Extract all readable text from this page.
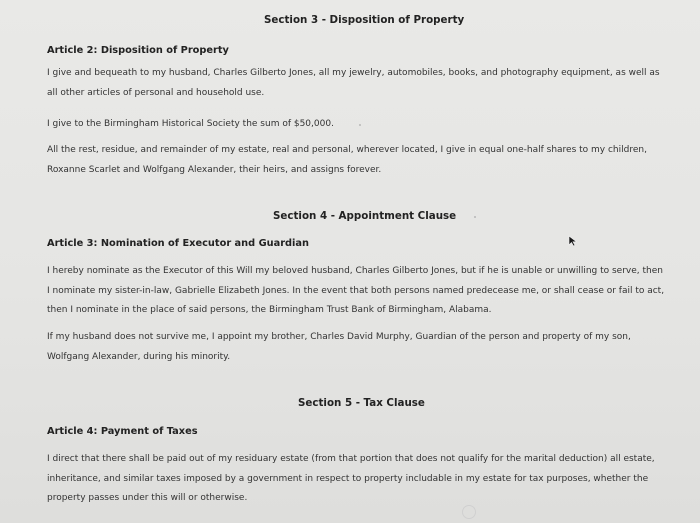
Section 3 - Disposition of Property
Article 2: Disposition of Property
I give and bequeath to my husband, Charles Gilberto Jones, all my jewelry, automobiles, books, and photography equipment, as well as all other articles of personal and household use.
I give to the Birmingham Historical Society the sum of $50,000.
All the rest, residue, and remainder of my estate, real and personal, wherever located, I give in equal one-half shares to my children, Roxanne Scarlet and Wolfgang Alexander, their heirs, and assigns forever.
Section 4 - Appointment Clause
Article 3: Nomination of Executor and Guardian
I hereby nominate as the Executor of this Will my beloved husband, Charles Gilberto Jones, but if he is unable or unwilling to serve, then I nominate my sister-in-law, Gabrielle Elizabeth Jones. In the event that both persons named predecease me, or shall cease or fail to act, then I nominate in the place of said persons, the Birmingham Trust Bank of Birmingham, Alabama.
If my husband does not survive me, I appoint my brother, Charles David Murphy, Guardian of the person and property of my son, Wolfgang Alexander, during his minority.
Section 5 - Tax Clause
Article 4: Payment of Taxes
I direct that there shall be paid out of my residuary estate (from that portion that does not qualify for the marital deduction) all estate, inheritance, and similar taxes imposed by a government in respect to property includable in my estate for tax purposes, whether the property passes under this will or otherwise.
